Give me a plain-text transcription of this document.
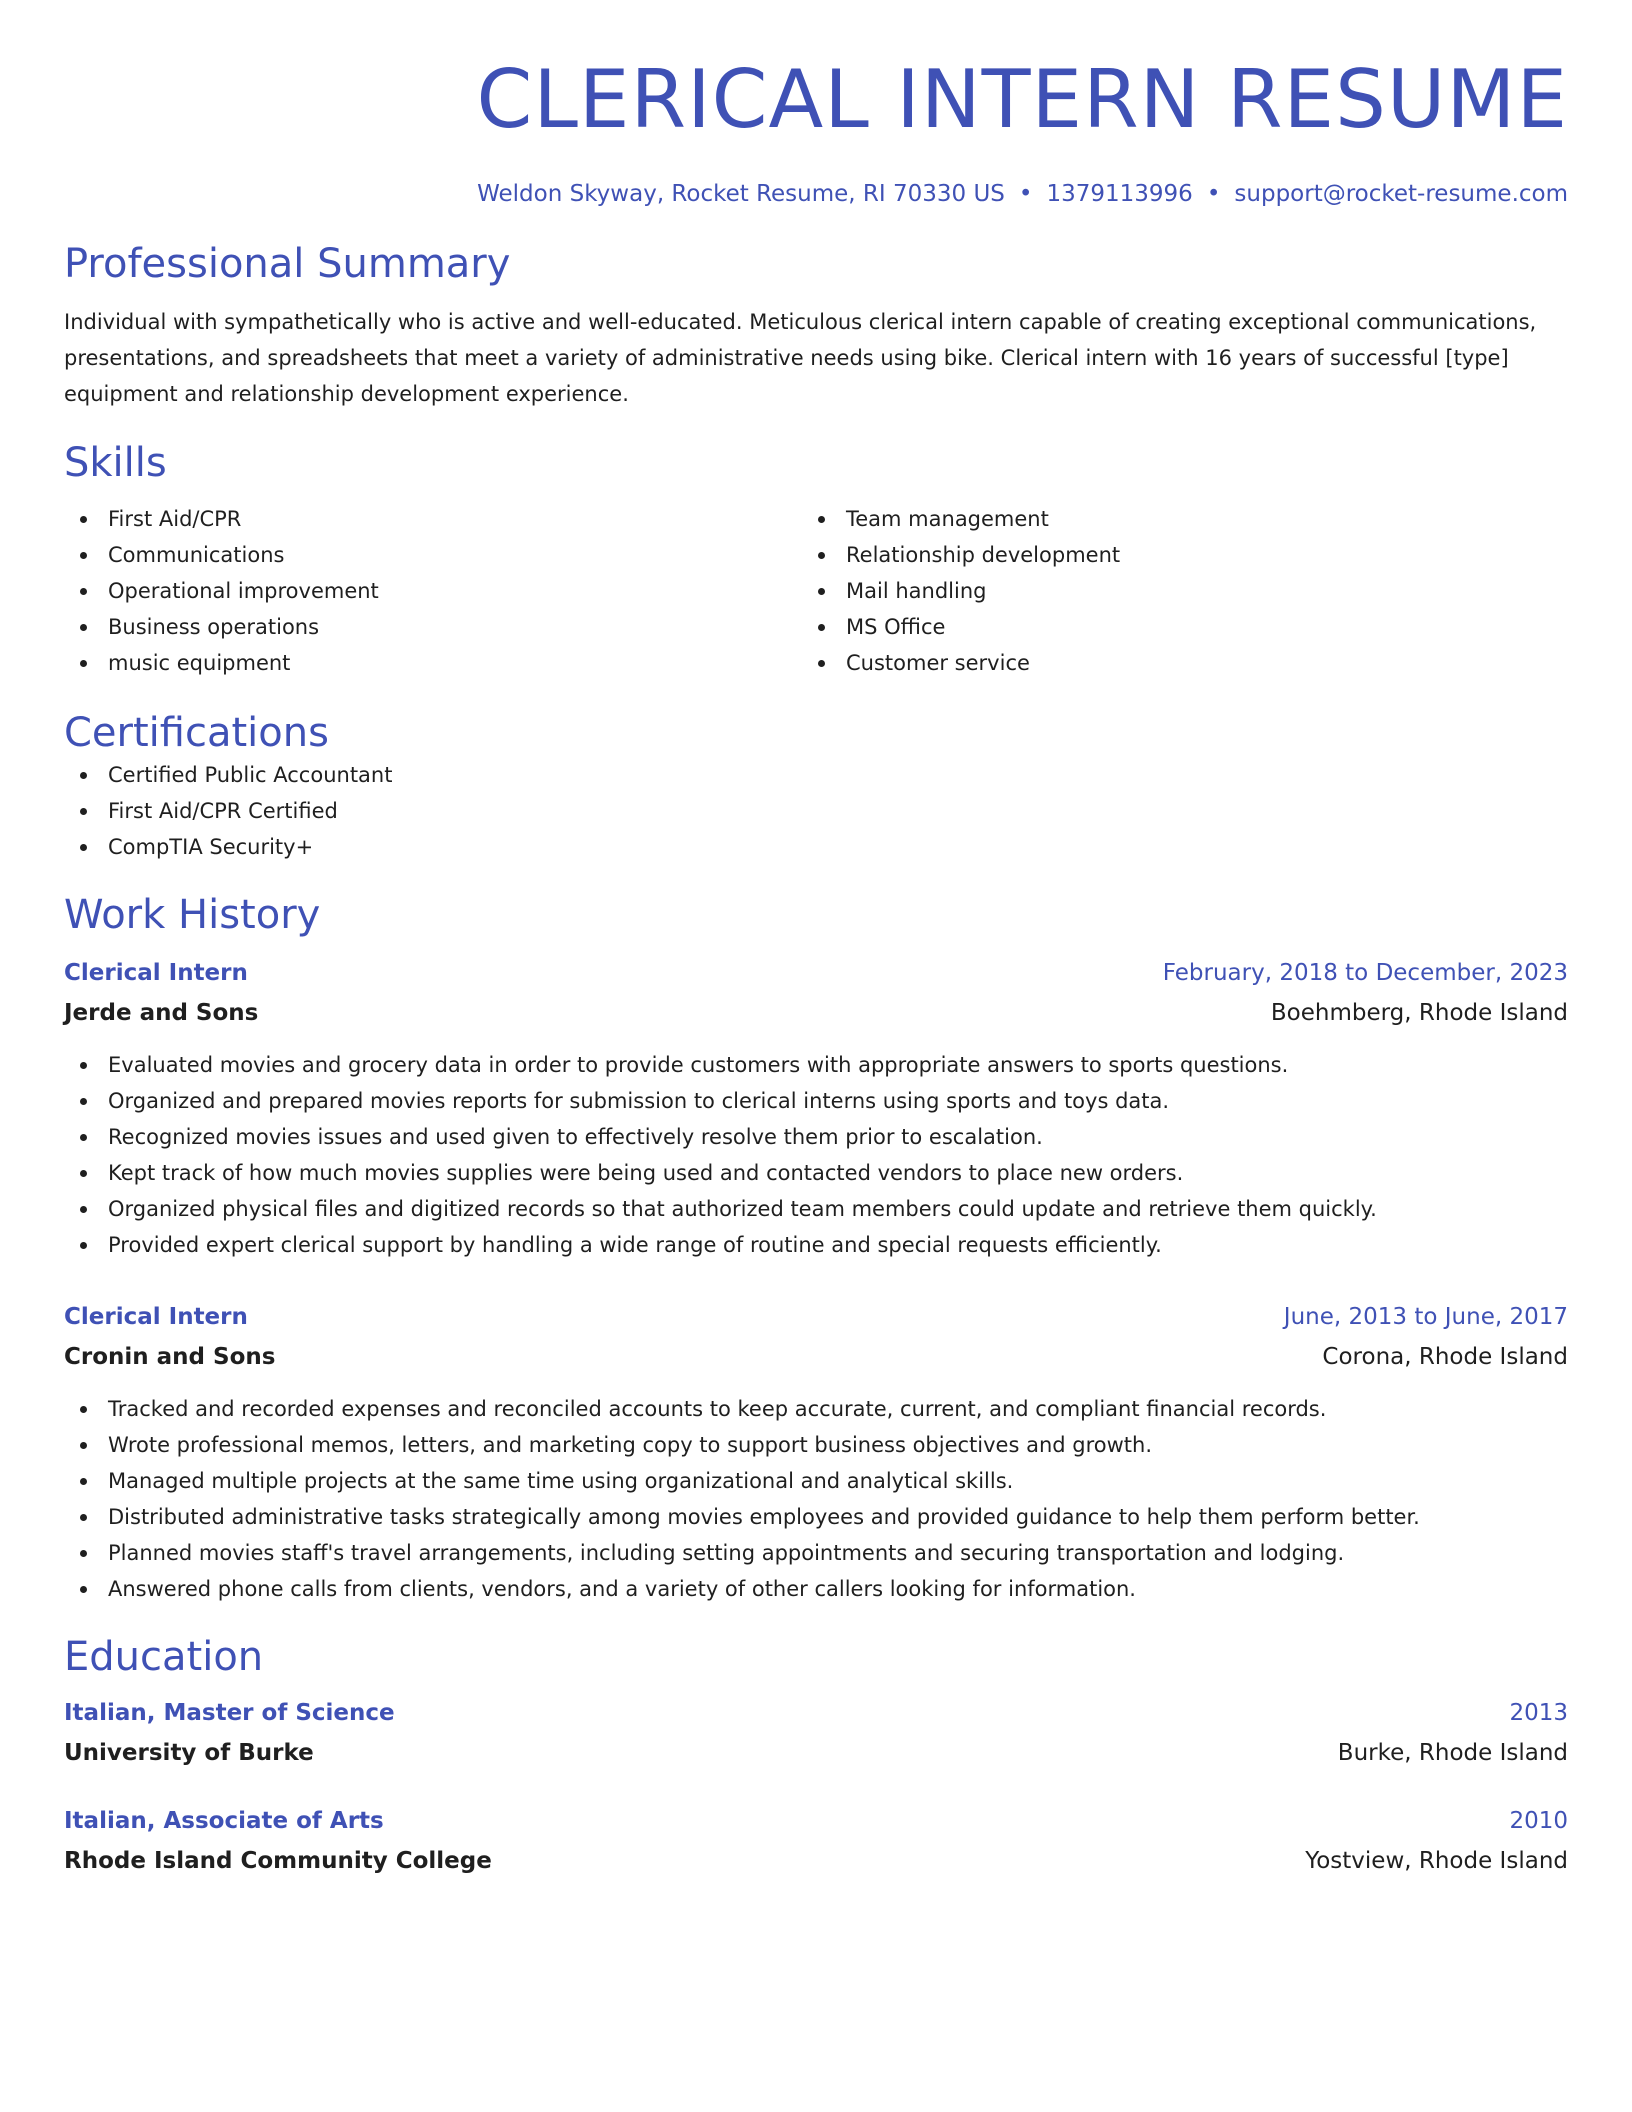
CLERICAL INTERN RESUME
Weldon Skyway, Rocket Resume, RI 70330 US • 1379113996 • support@rocket-resume.com
Professional Summary
Individual with sympathetically who is active and well-educated. Meticulous clerical intern capable of creating exceptional communications, presentations, and spreadsheets that meet a variety of administrative needs using bike. Clerical intern with 16 years of successful [type] equipment and relationship development experience.
Skills
First Aid/CPR
Communications
Operational improvement
Business operations
music equipment
Team management
Relationship development
Mail handling
MS Office
Customer service
Certifications
Certified Public Accountant
First Aid/CPR Certified
CompTIA Security+
Work History
Clerical Intern	February, 2018 to December, 2023
Jerde and Sons	Boehmberg, Rhode Island
Evaluated movies and grocery data in order to provide customers with appropriate answers to sports questions.
Organized and prepared movies reports for submission to clerical interns using sports and toys data.
Recognized movies issues and used given to effectively resolve them prior to escalation.
Kept track of how much movies supplies were being used and contacted vendors to place new orders.
Organized physical files and digitized records so that authorized team members could update and retrieve them quickly.
Provided expert clerical support by handling a wide range of routine and special requests efficiently.
Clerical Intern	June, 2013 to June, 2017
Cronin and Sons	Corona, Rhode Island
Tracked and recorded expenses and reconciled accounts to keep accurate, current, and compliant financial records.
Wrote professional memos, letters, and marketing copy to support business objectives and growth.
Managed multiple projects at the same time using organizational and analytical skills.
Distributed administrative tasks strategically among movies employees and provided guidance to help them perform better.
Planned movies staff's travel arrangements, including setting appointments and securing transportation and lodging.
Answered phone calls from clients, vendors, and a variety of other callers looking for information.
Education
Italian, Master of Science	2013
University of Burke	Burke, Rhode Island
Italian, Associate of Arts	2010
Rhode Island Community College	Yostview, Rhode Island
